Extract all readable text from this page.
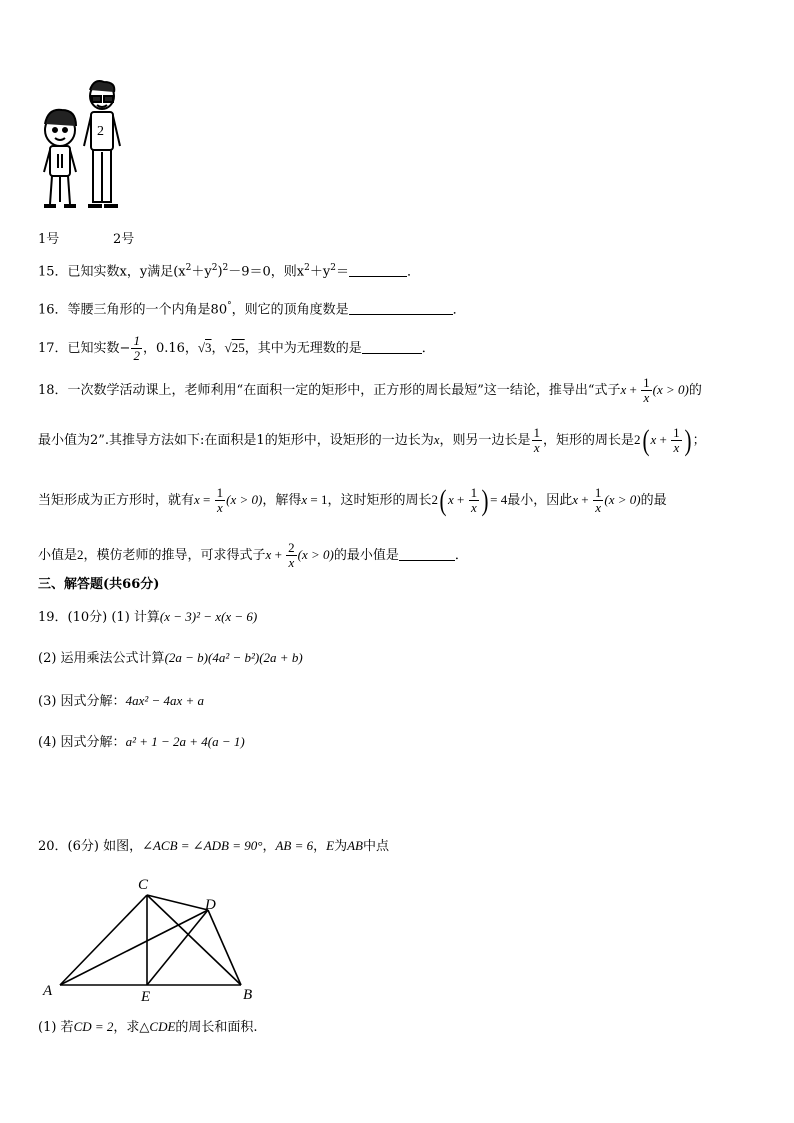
2
1号	2号
15．已知实数x，y满足$(x^2+y^2)^2-9=0$，则$x^2+y^2=$	．
16．等腰三角形的一个内角是80°，则它的顶角度数是	．
17．已知实数− $\frac{1}{2}$ ，0.16，√3，√25，其中为无理数的是	．
18．一次数学活动课上，老师利用“在面积一定的矩形中，正方形的周长最短”这一结论，推导出“式子$x + \frac{1}{x} (x > 0)$的
最小值为2”.其推导方法如下:在面积是1的矩形中，设矩形的一边长为x，则另一边长是 $\frac{1}{x}$ ，矩形的周长是2( $x + \frac{1}{x}$ ) ；
当矩形成为正方形时，就有$x = \frac{1}{x} (x > 0)$，解得x = 1，这时矩形的周长2( $x + \frac{1}{x}$ ) = 4最小，因此$x + \frac{1}{x} (x > 0)$的最
小值是2，模仿老师的推导，可求得式子$x + \frac{2}{x} (x > 0)$的最小值是	．
三、解答题(共66分)
19．(10分) (1) 计算(x − 3)² − x(x − 6)
(2) 运用乘法公式计算(2a − b)(4a² − b²)(2a + b)
(3) 因式分解：4ax² − 4ax + a
(4) 因式分解：a² + 1 − 2a + 4(a − 1)
20．(6分) 如图，∠ACB = ∠ADB = 90°，AB = 6，E为AB中点
C
D
A	E	B
(1) 若CD = 2，求△CDE的周长和面积.
